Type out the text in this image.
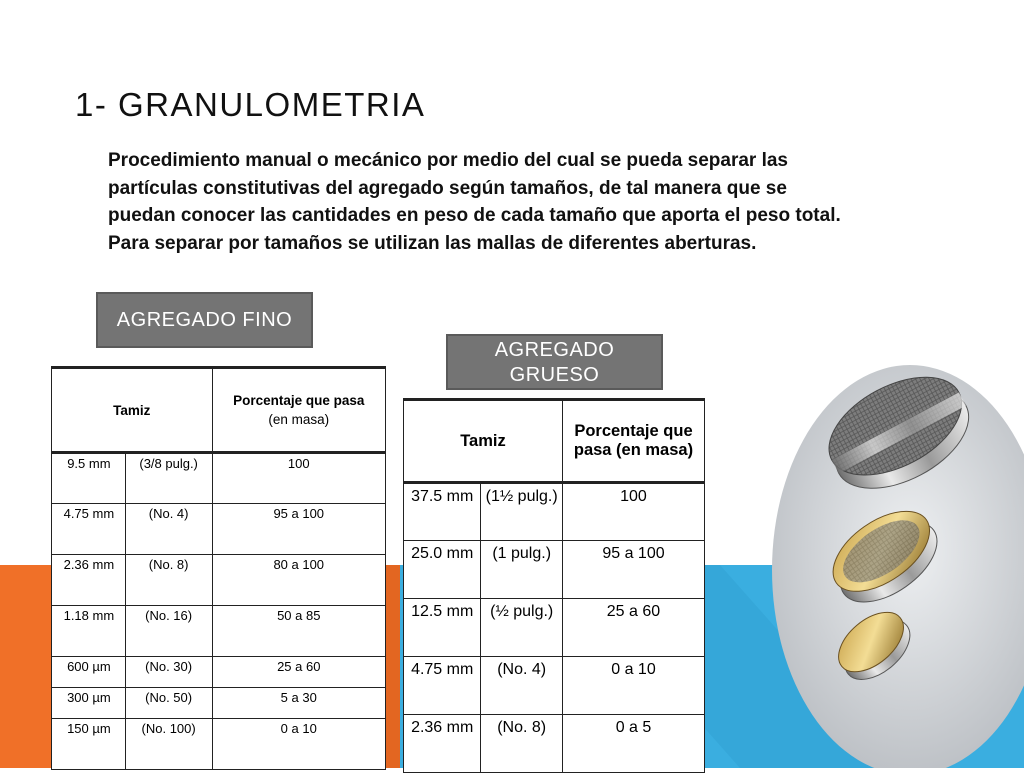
1- GRANULOMETRIA

Procedimiento manual o mecánico por medio del cual se pueda separar las partículas constitutivas del agregado según tamaños, de tal manera que se puedan conocer las cantidades en peso de cada tamaño que aporta el peso total. Para separar por tamaños se utilizan las mallas de diferentes aberturas.

AGREGADO FINO
AGREGADO GRUESO
Tamiz		Porcentaje que pasa
(en masa)

9.5 mm	(3/8 pulg.)	100
4.75 mm	(No. 4)	95 a 100
2.36 mm	(No. 8)	80 a 100
1.18 mm	(No. 16)	50 a 85
600 µm	(No. 30)	25 a 60
300 µm	(No. 50)	5 a 30
150 µm	(No. 100)	0 a 10
Tamiz		Porcentaje que pasa (en masa)
37.5 mm	(1½ pulg.)	100
25.0 mm	(1 pulg.)	95 a 100
12.5 mm	(½ pulg.)	25 a 60
4.75 mm	(No. 4)	0 a 10
2.36 mm	(No. 8)	0 a 5
